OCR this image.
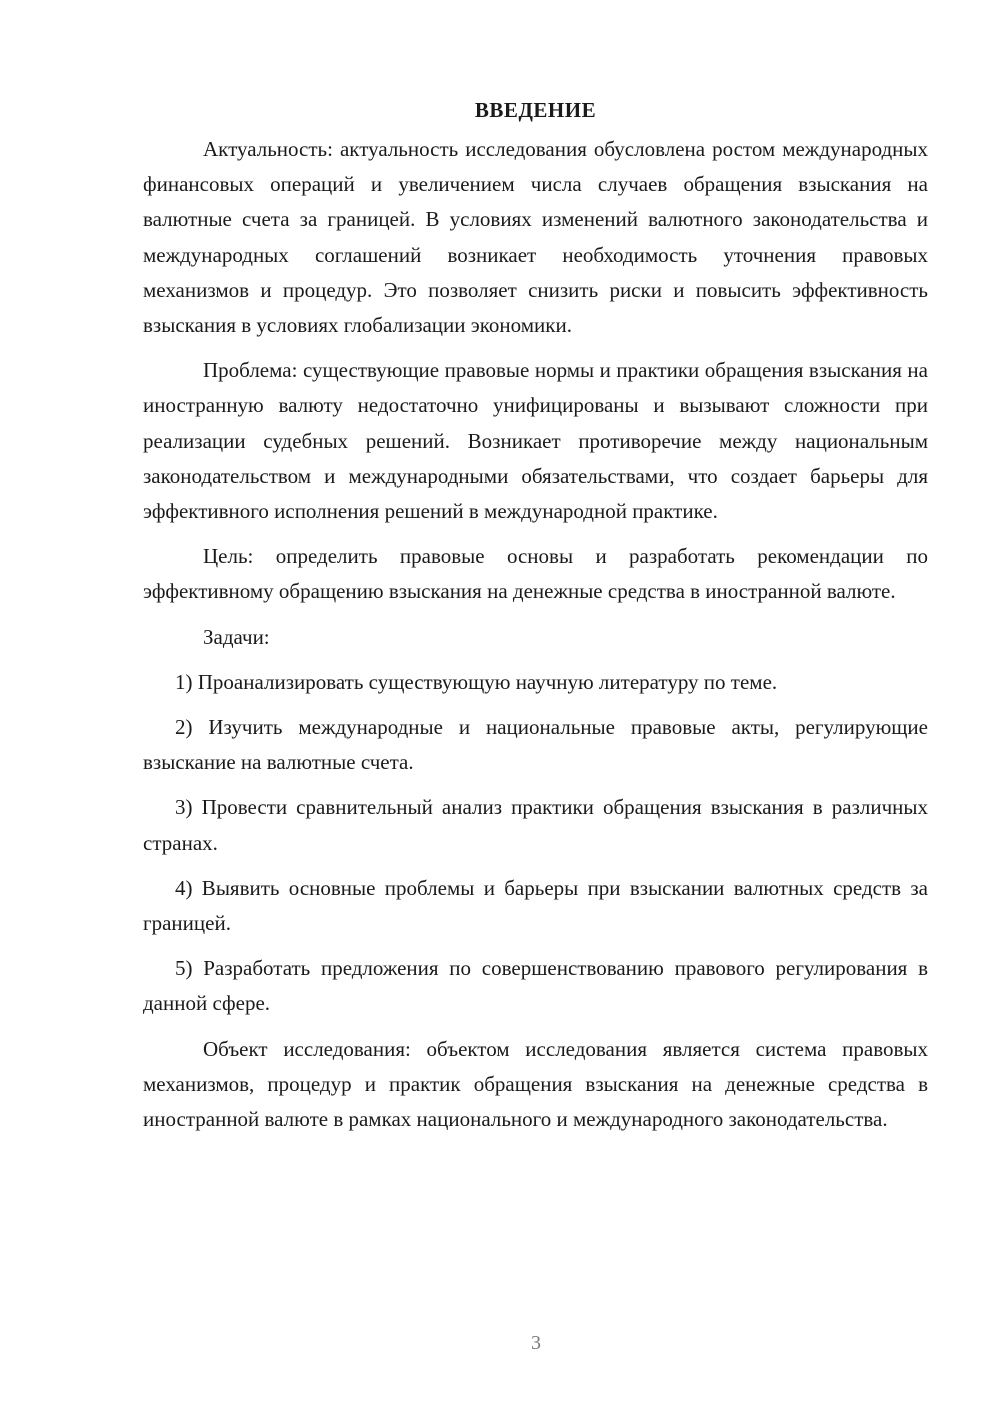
ВВЕДЕНИЕ

Актуальность: актуальность исследования обусловлена ростом международных финансовых операций и увеличением числа случаев обращения взыскания на валютные счета за границей. В условиях изменений валютного законодательства и международных соглашений возникает необходимость уточнения правовых механизмов и процедур. Это позволяет снизить риски и повысить эффективность взыскания в условиях глобализации экономики.

Проблема: существующие правовые нормы и практики обращения взыскания на иностранную валюту недостаточно унифицированы и вызывают сложности при реализации судебных решений. Возникает противоречие между национальным законодательством и международными обязательствами, что создает барьеры для эффективного исполнения решений в международной практике.

Цель: определить правовые основы и разработать рекомендации по эффективному обращению взыскания на денежные средства в иностранной валюте.

Задачи:

1) Проанализировать существующую научную литературу по теме.

2) Изучить международные и национальные правовые акты, регулирующие взыскание на валютные счета.

3) Провести сравнительный анализ практики обращения взыскания в различных странах.

4) Выявить основные проблемы и барьеры при взыскании валютных средств за границей.

5) Разработать предложения по совершенствованию правового регулирования в данной сфере.

Объект исследования: объектом исследования является система правовых механизмов, процедур и практик обращения взыскания на денежные средства в иностранной валюте в рамках национального и международного законодательства.

3
